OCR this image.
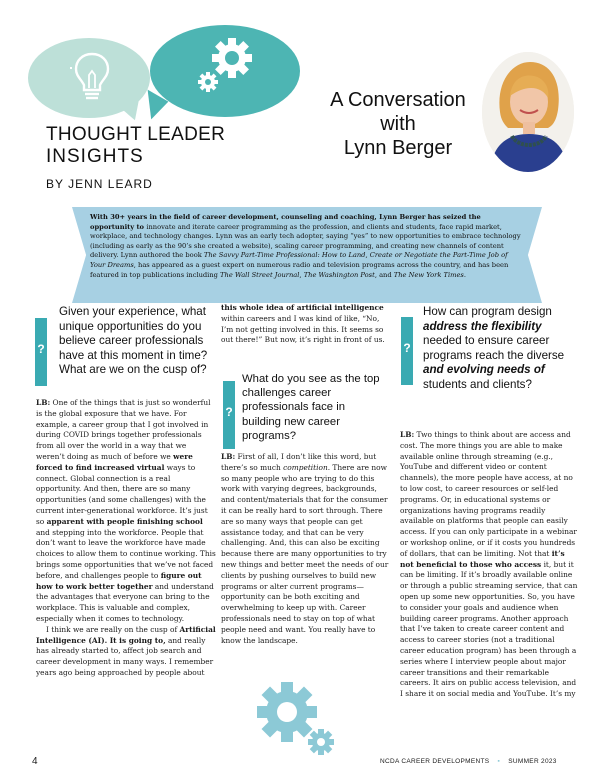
THOUGHT LEADER
INSIGHTS
BY JENN LEARD
A Conversation
with
Lynn Berger
With 30+ years in the field of career development, counseling and coaching, Lynn Berger has seized the opportunity to innovate and iterate career programming as the profession, and clients and students, face rapid market, workplace, and technology changes. Lynn was an early tech adopter, saying “yes” to new opportunities to embrace technology (including as early as the 90’s she created a website), scaling career programming, and creating new channels of content delivery. Lynn authored the book The Savvy Part-Time Professional: How to Land, Create or Negotiate the Part-Time Job of Your Dreams, has appeared as a guest expert on numerous radio and television programs across the country, and has been featured in top publications including The Wall Street Journal, The Washington Post, and The New York Times.
?
Given your experience, what unique opportunities do you believe career professionals have at this moment in time? What are we on the cusp of?

LB: One of the things that is just so wonderful is the global exposure that we have. For example, a career group that I got involved in during COVID brings together professionals from all over the world in a way that we weren’t doing as much of before we were forced to find increased virtual ways to connect. Global connection is a real opportunity. And then, there are so many opportunities (and some challenges) with the current inter-generational workforce. It’s just so apparent with people finishing school and stepping into the workforce. People that don’t want to leave the workforce have made choices to allow them to continue working. This brings some opportunities that we’ve not faced before, and challenges people to figure out how to work better together and understand the advantages that everyone can bring to the workplace. This is valuable and complex, especially when it comes to technology.

I think we are really on the cusp of Artificial Intelligence (AI). It is going to, and really has already started to, affect job search and career development in many ways. I remember years ago being approached by people about

this whole idea of artificial intelligence within careers and I was kind of like, “No, I’m not getting involved in this. It seems so out there!” But now, it’s right in front of us.
?
What do you see as the top challenges career professionals face in building new career programs?
LB: First of all, I don’t like this word, but there’s so much competition. There are now so many people who are trying to do this work with varying degrees, backgrounds, and content/materials that for the consumer it can be really hard to sort through. There are so many ways that people can get assistance today, and that can be very challenging. And, this can also be exciting because there are many opportunities to try new things and better meet the needs of our clients by pushing ourselves to build new programs or alter current programs—opportunity can be both exciting and overwhelming to keep up with. Career professionals need to stay on top of what people need and want. You really have to know the landscape.
?
How can program design address the flexibility needed to ensure career programs reach the diverse and evolving needs of students and clients?
LB: Two things to think about are access and cost. The more things you are able to make available online through streaming (e.g., YouTube and different video or content channels), the more people have access, at no to low cost, to career resources or self-led programs. Or, in educational systems or organizations having programs readily available on platforms that people can easily access. If you can only participate in a webinar or workshop online, or if it costs you hundreds of dollars, that can be limiting. Not that it’s not beneficial to those who access it, but it can be limiting. If it’s broadly available online or through a public streaming service, that can open up some new opportunities. So, you have to consider your goals and audience when building career programs. Another approach that I’ve taken to create career content and access to career stories (not a traditional career education program) has been through a series where I interview people about major career transitions and their remarkable careers. It airs on public access television, and I share it on social media and YouTube. It’s my
4	NCDA CAREER DEVELOPMENTS ▪ SUMMER 2023
